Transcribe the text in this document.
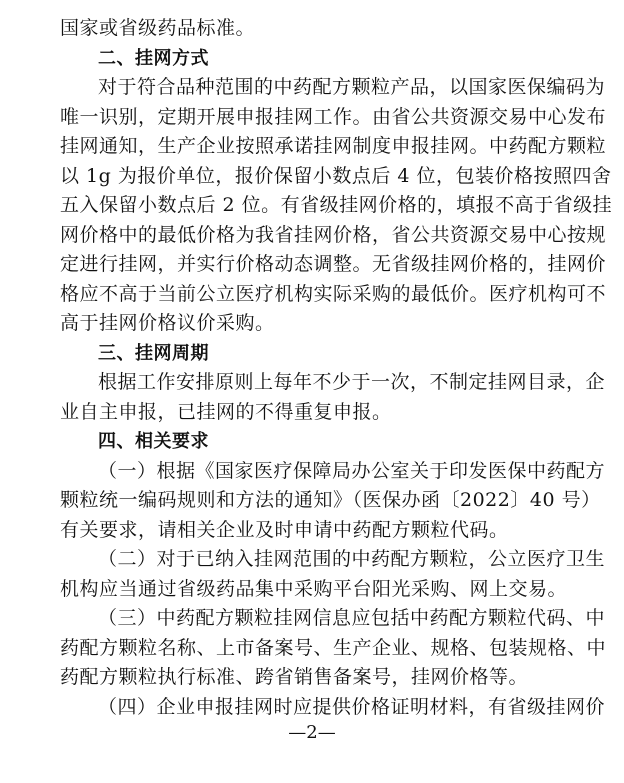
国家或省级药品标准。
二、挂网方式
对于符合品种范围的中药配方颗粒产品，以国家医保编码为
唯一识别，定期开展申报挂网工作。由省公共资源交易中心发布
挂网通知，生产企业按照承诺挂网制度申报挂网。中药配方颗粒
以 1g 为报价单位，报价保留小数点后 4 位，包装价格按照四舍
五入保留小数点后 2 位。有省级挂网价格的，填报不高于省级挂
网价格中的最低价格为我省挂网价格，省公共资源交易中心按规
定进行挂网，并实行价格动态调整。无省级挂网价格的，挂网价
格应不高于当前公立医疗机构实际采购的最低价。医疗机构可不
高于挂网价格议价采购。
三、挂网周期
根据工作安排原则上每年不少于一次，不制定挂网目录，企
业自主申报，已挂网的不得重复申报。
四、相关要求
（一）根据《国家医疗保障局办公室关于印发医保中药配方
颗粒统一编码规则和方法的通知》（医保办函〔2022〕40 号）
有关要求，请相关企业及时申请中药配方颗粒代码。
（二）对于已纳入挂网范围的中药配方颗粒，公立医疗卫生
机构应当通过省级药品集中采购平台阳光采购、网上交易。
（三）中药配方颗粒挂网信息应包括中药配方颗粒代码、中
药配方颗粒名称、上市备案号、生产企业、规格、包装规格、中
药配方颗粒执行标准、跨省销售备案号，挂网价格等。
（四）企业申报挂网时应提供价格证明材料，有省级挂网价
—2—
